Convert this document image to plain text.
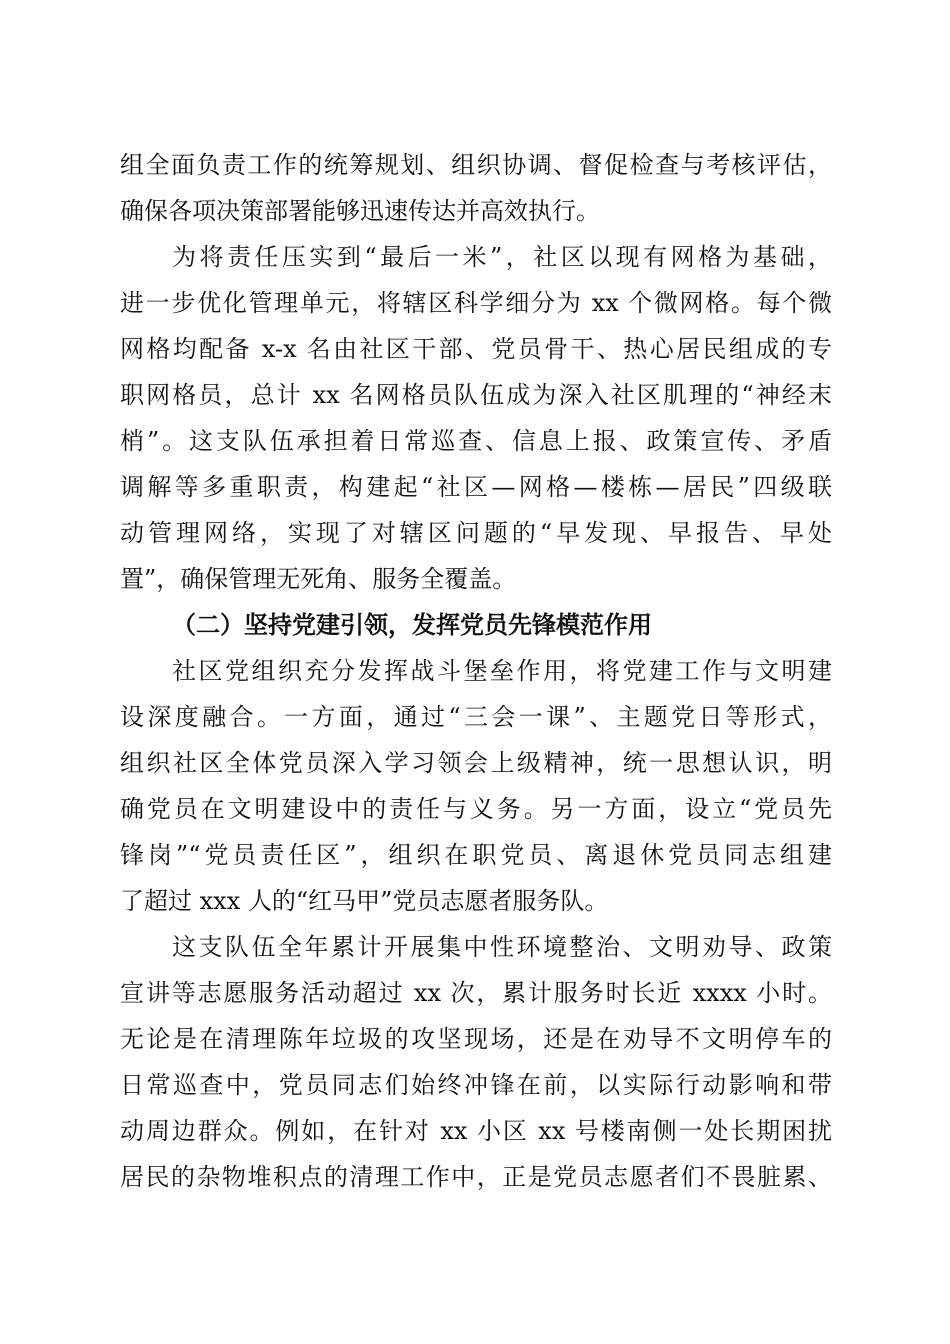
组全面负责工作的统筹规划、组织协调、督促检查与考核评估，
确保各项决策部署能够迅速传达并高效执行。
为将责任压实到“最后一米”，社区以现有网格为基础，
进一步优化管理单元，将辖区科学细分为 xx 个微网格。每个微
网格均配备 x-x 名由社区干部、党员骨干、热心居民组成的专
职网格员，总计 xx 名网格员队伍成为深入社区肌理的“神经末
梢”。这支队伍承担着日常巡查、信息上报、政策宣传、矛盾
调解等多重职责，构建起“社区—网格—楼栋—居民”四级联
动管理网络，实现了对辖区问题的“早发现、早报告、早处
置”，确保管理无死角、服务全覆盖。
（二）坚持党建引领，发挥党员先锋模范作用
社区党组织充分发挥战斗堡垒作用，将党建工作与文明建
设深度融合。一方面，通过“三会一课”、主题党日等形式，
组织社区全体党员深入学习领会上级精神，统一思想认识，明
确党员在文明建设中的责任与义务。另一方面，设立“党员先
锋岗”“党员责任区”，组织在职党员、离退休党员同志组建
了超过 xxx 人的“红马甲”党员志愿者服务队。
这支队伍全年累计开展集中性环境整治、文明劝导、政策
宣讲等志愿服务活动超过 xx 次，累计服务时长近 xxxx 小时。
无论是在清理陈年垃圾的攻坚现场，还是在劝导不文明停车的
日常巡查中，党员同志们始终冲锋在前，以实际行动影响和带
动周边群众。例如，在针对 xx 小区 xx 号楼南侧一处长期困扰
居民的杂物堆积点的清理工作中，正是党员志愿者们不畏脏累、
